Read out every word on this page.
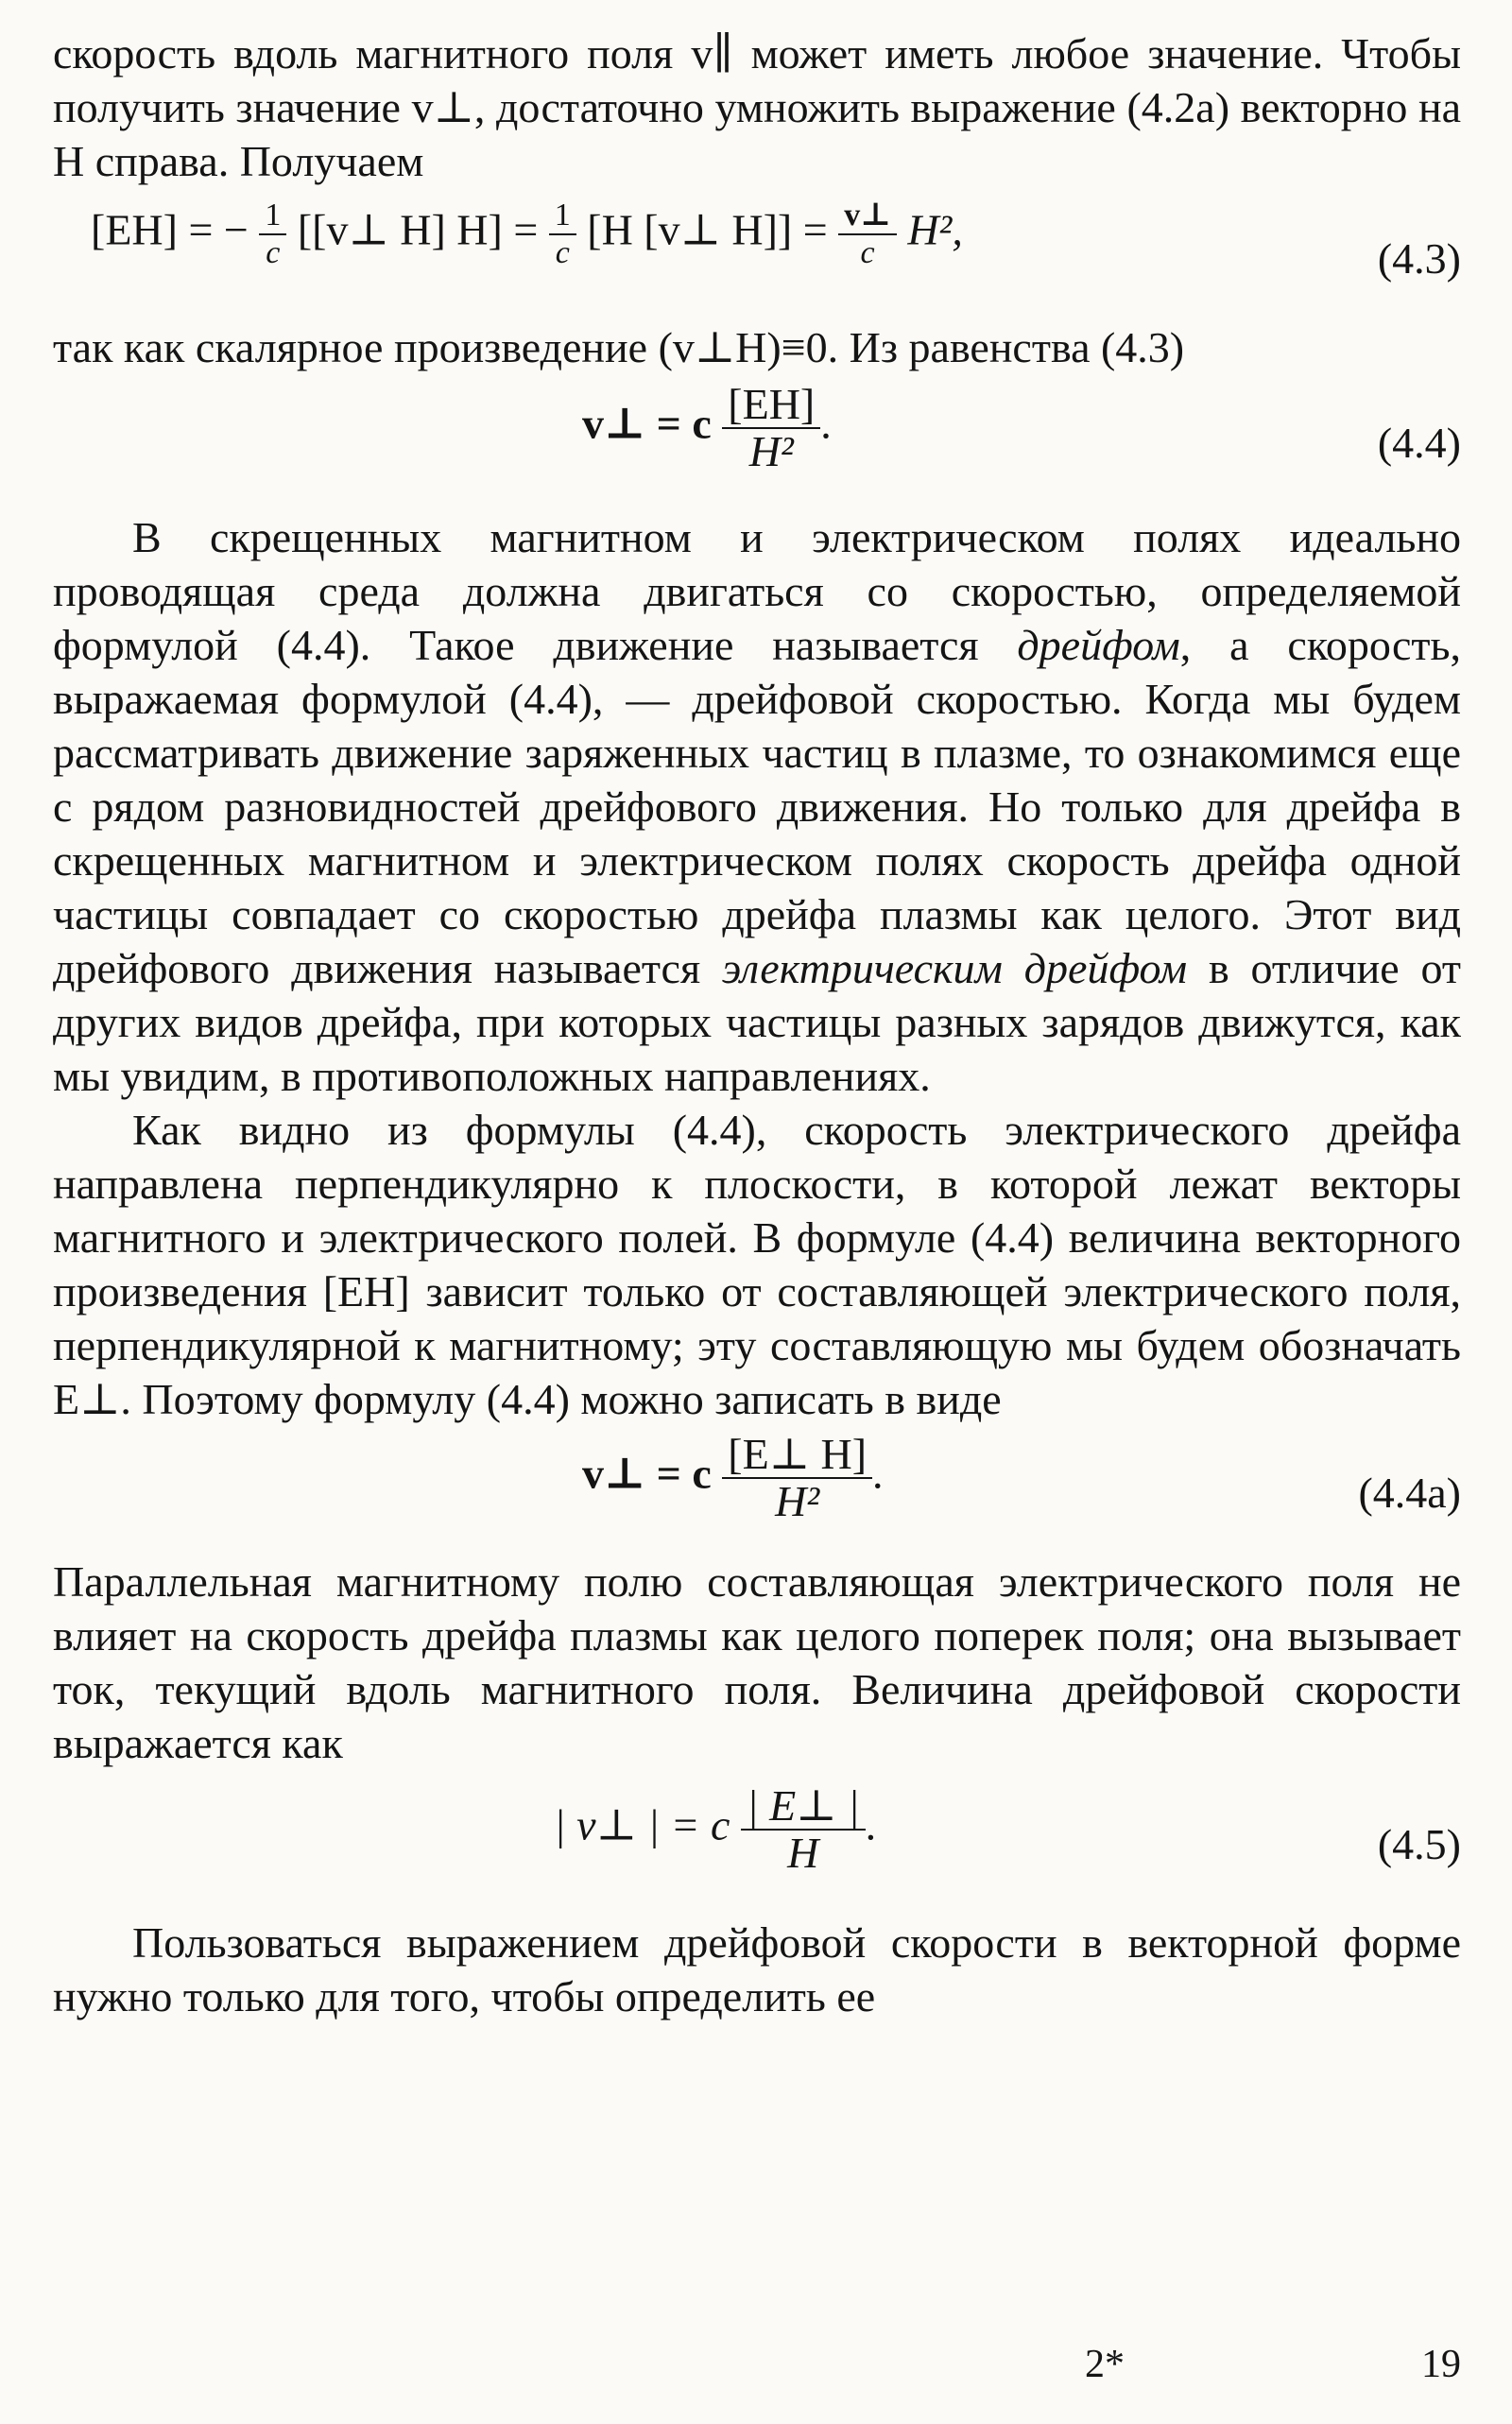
скорость вдоль магнитного поля v∥ может иметь любое значение. Чтобы получить значение v⊥, достаточно умножить выражение (4.2а) векторно на H справа. Получаем

[EH] = − $\frac{1}{c}$ [[v⊥ H] $H] = \frac{1}{c} [H$ [v⊥ $H]] = \frac{v\perp}{c} H^2$,
(4.3)

так как скалярное произведение (v⊥H)≡0. Из равенства (4.3)

v⊥ = c $\frac{[EH]}{\text{H²}}$ .	(4.4)

В скрещенных магнитном и электрическом полях идеально проводящая среда должна двигаться со скоростью, определяемой формулой (4.4). Такое движение называется дрейфом, а скорость, выражаемая формулой (4.4), — дрейфовой скоростью. Когда мы будем рассматривать движение заряженных частиц в плазме, то ознакомимся еще с рядом разновидностей дрейфового движения. Но только для дрейфа в скрещенных магнитном и электрическом полях скорость дрейфа одной частицы совпадает со скоростью дрейфа плазмы как целого. Этот вид дрейфового движения называется электрическим дрейфом в отличие от других видов дрейфа, при которых частицы разных зарядов движутся, как мы увидим, в противоположных направлениях.

Как видно из формулы (4.4), скорость электрического дрейфа направлена перпендикулярно к плоскости, в которой лежат векторы магнитного и электрического полей. В формуле (4.4) величина векторного произведения [EH] зависит только от составляющей электрического поля, перпендикулярной к магнитному; эту составляющую мы будем обозначать E⊥. Поэтому формулу (4.4) можно записать в виде

v⊥ = c $\frac{[E\perp H]}{\text{H²}}$ .	(4.4а)

Параллельная магнитному полю составляющая электрического поля не влияет на скорость дрейфа плазмы как целого поперек поля; она вызывает ток, текущий вдоль магнитного поля. Величина дрейфовой скорости выражается как

| v⊥ | = c $\frac{| E\perp |}{H}$ .	(4.5)

Пользоваться выражением дрейфовой скорости в векторной форме нужно только для того, чтобы определить ее

2*	19
